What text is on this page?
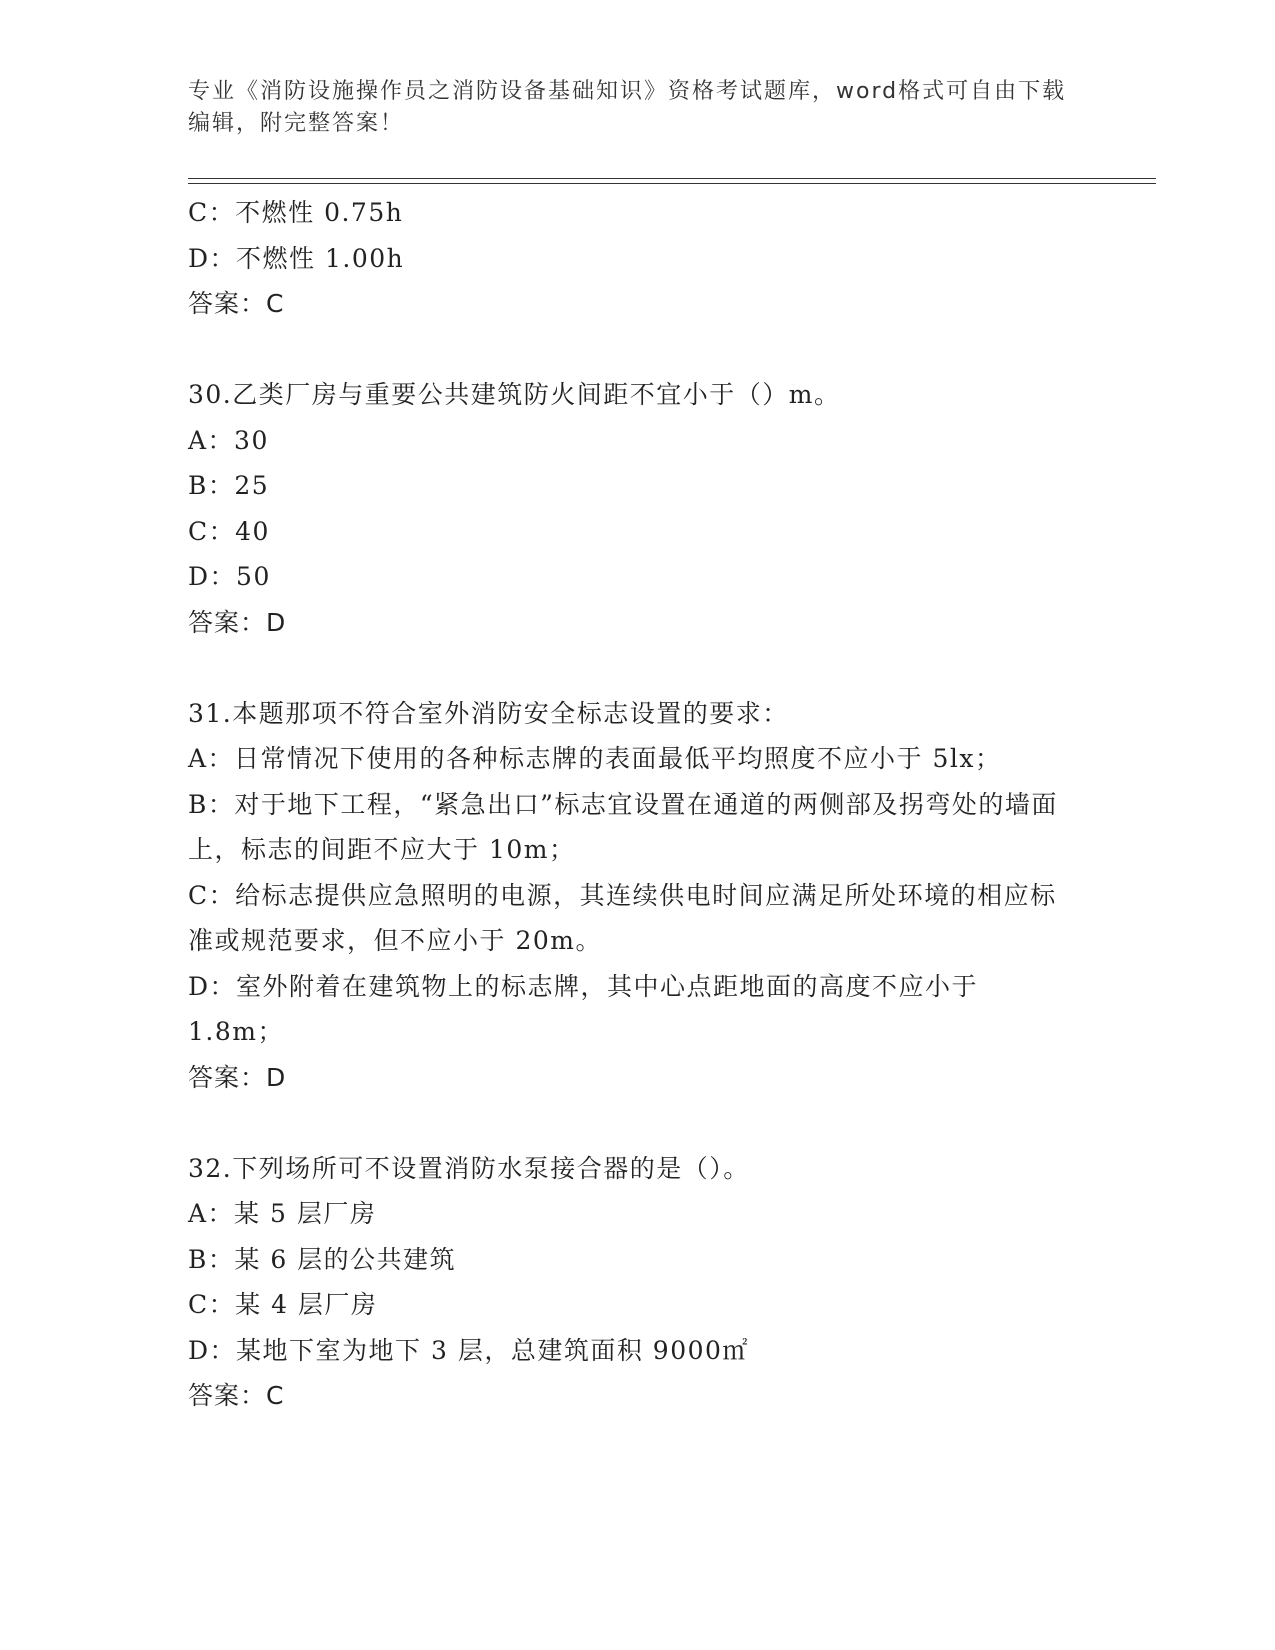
专业《消防设施操作员之消防设备基础知识》资格考试题库，word格式可自由下载编辑，附完整答案！
C：不燃性 0.75h
D：不燃性 1.00h
答案：C
30.乙类厂房与重要公共建筑防火间距不宜小于（）m。
A：30
B：25
C：40
D：50
答案：D
31.本题那项不符合室外消防安全标志设置的要求：
A：日常情况下使用的各种标志牌的表面最低平均照度不应小于 5lx；
B：对于地下工程，“紧急出口”标志宜设置在通道的两侧部及拐弯处的墙面上，标志的间距不应大于 10m；
C：给标志提供应急照明的电源，其连续供电时间应满足所处环境的相应标准或规范要求，但不应小于 20m。
D：室外附着在建筑物上的标志牌，其中心点距地面的高度不应小于 1.8m；
答案：D
32.下列场所可不设置消防水泵接合器的是（）。
A：某 5 层厂房
B：某 6 层的公共建筑
C：某 4 层厂房
D：某地下室为地下 3 层，总建筑面积 9000㎡
答案：C
